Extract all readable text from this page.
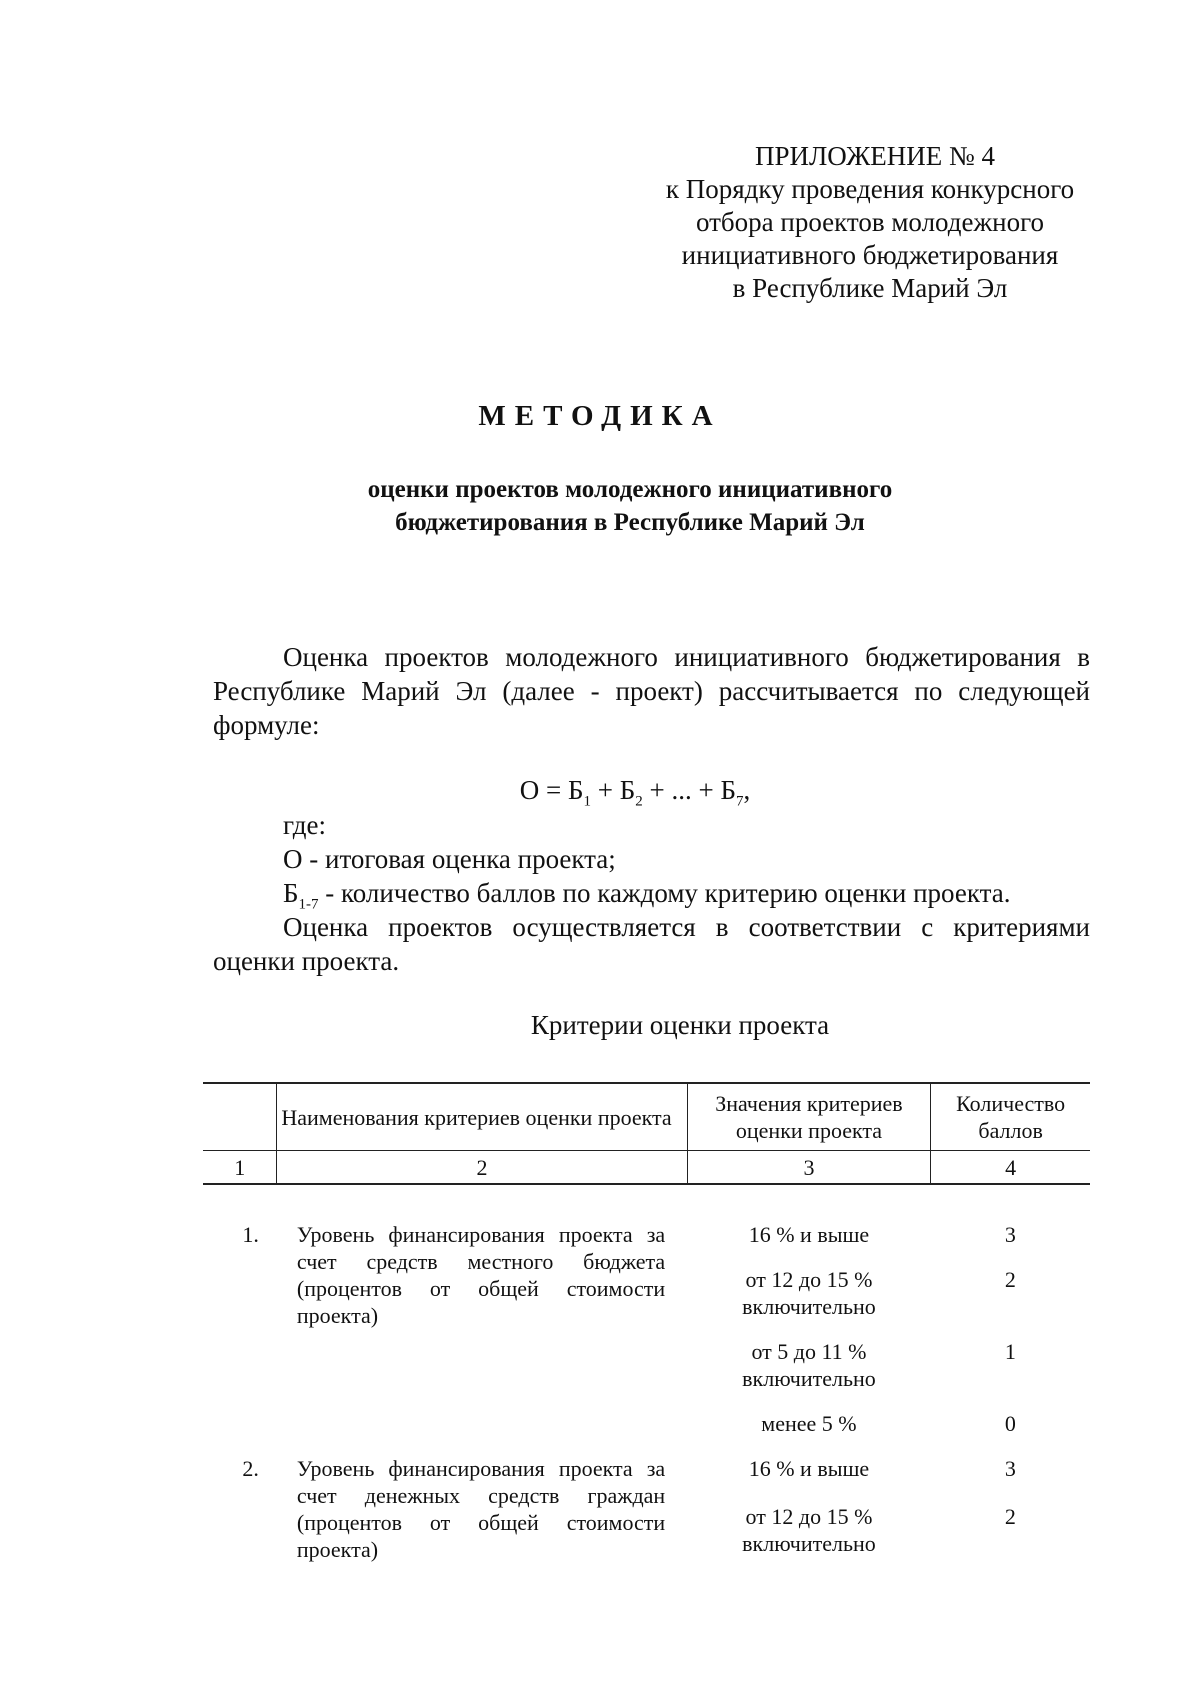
ПРИЛОЖЕНИЕ № 4
к Порядку проведения конкурсного
отбора проектов молодежного
инициативного бюджетирования
в Республике Марий Эл
МЕТОДИКА
оценки проектов молодежного инициативного
бюджетирования в Республике Марий Эл
Оценка проектов молодежного инициативного бюджетирования в Республике Марий Эл (далее - проект) рассчитывается по следующей формуле:
$О = Б_1 + Б_2$ + ... + $Б_7$,
где:
О - итоговая оценка проекта;
$Б_{1-7}$ - количество баллов по каждому критерию оценки проекта.
Оценка проектов осуществляется в соответствии с критериями оценки проекта.
Критерии оценки проекта
	Наименования критериев оценки проекта	Значения критериев оценки проекта	Количество баллов
1	2	3	4

1.	Уровень финансирования проекта за счет средств местного бюджета (процентов от общей стоимости проекта)	16 % и выше	3
		от 12 до 15 % включительно	2
		от 5 до 11 % включительно	1
		менее 5 %	0
2.	Уровень финансирования проекта за счет денежных средств граждан (процентов от общей стоимости проекта)	16 % и выше	3
		от 12 до 15 % включительно	2
